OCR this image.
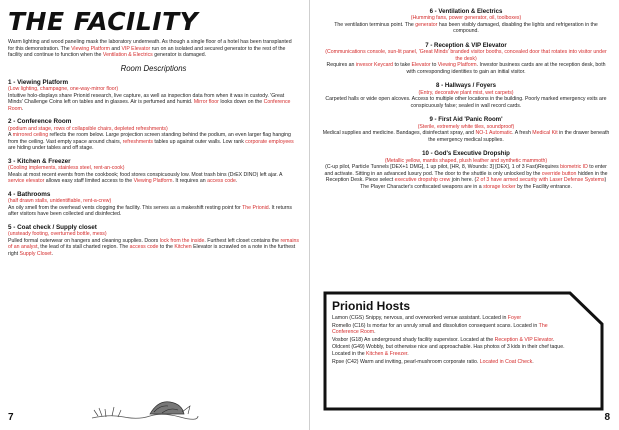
THE FACILITY

Warm lighting and wood paneling mask the laboratory underneath. As though a single floor of a hotel has been transplanted for this demonstration. The Viewing Platform and VIP Elevator run on an isolated and secured generator to the rest of the facility and continue to function when the Ventilation & Electrics generator is damaged.

Room Descriptions
1 - Viewing Platform
(Low lighting, champagne, one-way-mirror floor)
Intuitive holo-displays share Prionid research, live capture, as well as inspection data from when it was in custody. 'Great Minds' Challenge Coins left on tables and in glasses. Air is perfumed and humid. Mirror floor looks down on the Conference Room.
2 - Conference Room
(podium and stage, rows of collapsible chairs, depleted refreshments)
A mirrored ceiling reflects the room below. Large projection screen standing behind the podium, an even larger flag hanging from the ceiling. Vast empty space around chairs, refreshments tables up against outer walls. Low rank corporate employees are hiding under tables and off stage.
3 - Kitchen & Freezer
(Cooling implements, stainless steel, rent-an-cook)
Meals at most recent events from the cookbook; food stores conspicuously low. Most trash bins (DrEX DINO) left ajar. A service elevator allows easy staff limited access to the Viewing Platform. It requires an access code.
4 - Bathrooms
(half drawn stalls, unidentifiable, rent-a-crew)
An oily smell from the overhead vents clogging the facility. This serves as a makeshift resting point for The Prionid. It returns after visitors have been collected and disinfected.
5 - Coat check / Supply closet
(unsteady footing, overturned bottle, mess)
Pulled formal outerwear on hangers and cleaning supplies. Doors lock from the inside. Furthest left closet contains the remains of an analyst, the lead of its stall charted region. The access code to the Kitchen Elevator is scrawled on a note in the furthest right Supply Closet.
7
6 - Ventilation & Electrics
(Humming fans, power generator, oil, toolboxes)
The ventilation terminus point. The generator has been visibly damaged, disabling the lights and refrigeration in the compound.
7 - Reception & VIP Elevator
(Communications console, sun-lit panel, 'Great Minds' branded visitor booths, concealed door that rotates into visitor under the desk)
Requires an invesor Keycard to take Elevator to Viewing Platform. Investor business cards are at the reception desk, both with corresponding identities to gain an initial visitor.
8 - Hallways / Foyers
(Entry, decorative plant mist, wet carpets)
Carpeted halls or wide open alcoves. Access to multiple other locations in the building. Poorly marked emergency exits are conspicuously false; sealed in wall record cards.
9 - First Aid 'Panic Room'
(Sterile, extremely white tiles, soundproof)
Medical supplies and medicine. Bandages, disinfectant spray, and NO-1 Automatic. A fresh Medical Kit in the drawer beneath the emergency medical supplies.
10 - God's Executive Dropship
(Metallic yellow, mantis shaped, plush leather and synthetic mammoth)
(C-up pilot, Particle Tunnels [DEX+1 DMG], 1 up pilot, [HR, 8, Wounds: 3] [DEX], 1 of 3 Fast)Requires biometric ID to enter and activate. Sitting in an advanced luxury pod. The door to the shuttle is only unlocked by the override button hidden in the Reception Desk. Piece select executive dropship crew join here. (2 of 3 have armed security with Laser Defense Systems) The Player Character's confiscated weapons are in a storage locker by the Facility entrance.
8
Prionid Hosts
Lamon (CGS) Snippy, nervous, and overworked venue assistant. Located in Foyer
Romello (C16) Is mortar for an unruly small and dissolution consequent scans. Located in The Conference Room.
Vosbor (G18) An underground shady facility supervisor. Located at the Reception & VIP Elevator.
Oldcent (G49) Wobbly, but otherwise nice and approachable. Has photos of 3 kids in their chef taque. Located in the Kitchen & Freezer.
Rpse (C42) Warm and inviting, pearl-mushroom corporate ratio. Located in Coat Check.
